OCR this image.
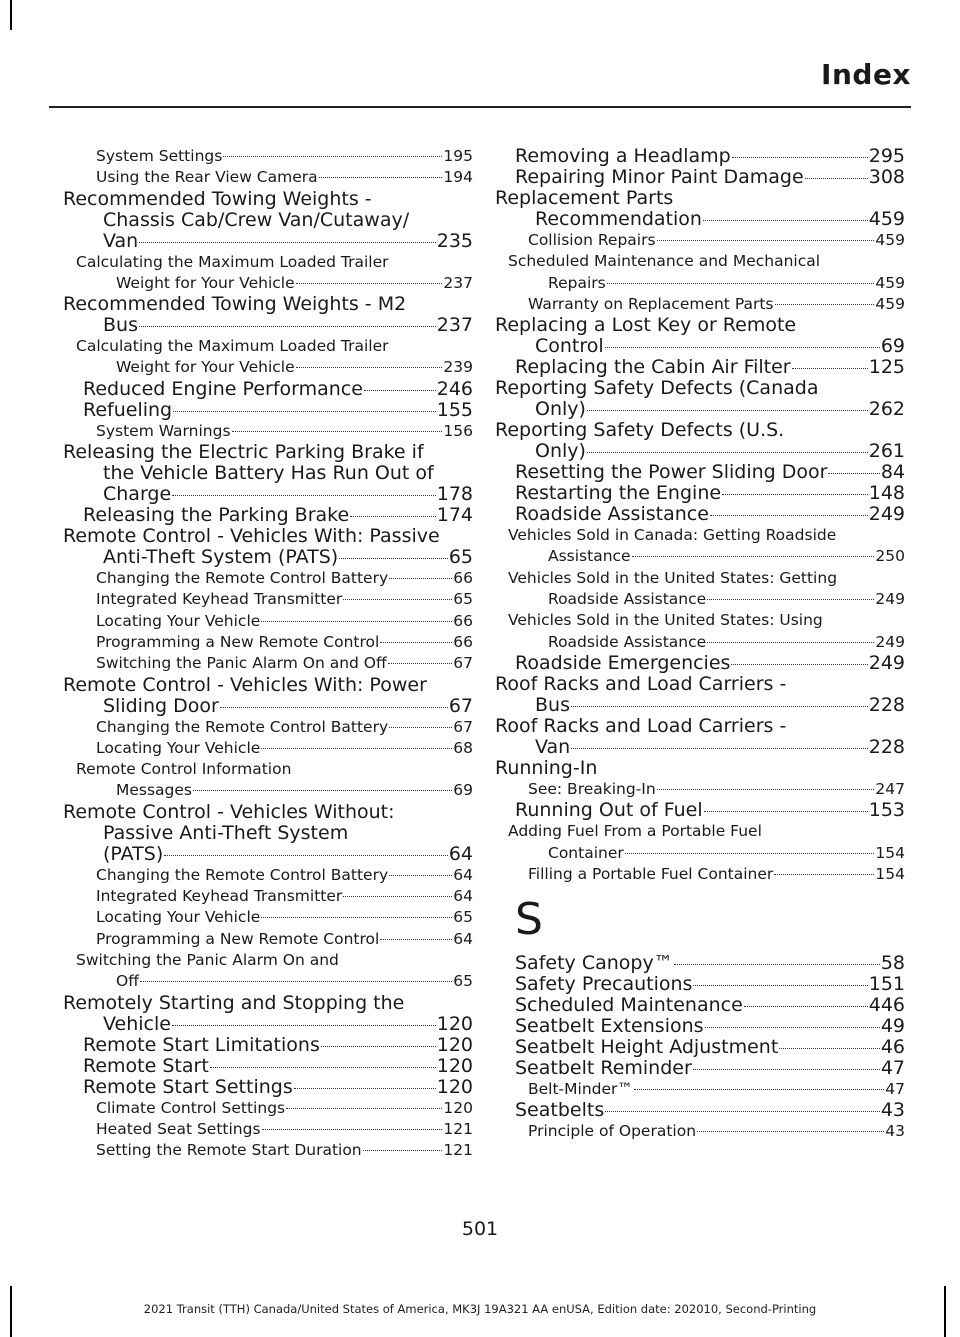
Index
System Settings	195
Using the Rear View Camera	194
Recommended Towing Weights -
Chassis Cab/Crew Van/Cutaway/
Van	235
Calculating the Maximum Loaded Trailer
Weight for Your Vehicle	237
Recommended Towing Weights - M2
Bus	237
Calculating the Maximum Loaded Trailer
Weight for Your Vehicle	239
Reduced Engine Performance	246
Refueling	155
System Warnings	156
Releasing the Electric Parking Brake if
the Vehicle Battery Has Run Out of
Charge	178
Releasing the Parking Brake	174
Remote Control - Vehicles With: Passive
Anti-Theft System (PATS)	65
Changing the Remote Control Battery	66
Integrated Keyhead Transmitter	65
Locating Your Vehicle	66
Programming a New Remote Control	66
Switching the Panic Alarm On and Off	67
Remote Control - Vehicles With: Power
Sliding Door	67
Changing the Remote Control Battery	67
Locating Your Vehicle	68
Remote Control Information
Messages	69
Remote Control - Vehicles Without:
Passive Anti-Theft System
(PATS)	64
Changing the Remote Control Battery	64
Integrated Keyhead Transmitter	64
Locating Your Vehicle	65
Programming a New Remote Control	64
Switching the Panic Alarm On and
Off	65
Remotely Starting and Stopping the
Vehicle	120
Remote Start Limitations	120
Remote Start	120
Remote Start Settings	120
Climate Control Settings	120
Heated Seat Settings	121
Setting the Remote Start Duration	121
Removing a Headlamp	295
Repairing Minor Paint Damage	308
Replacement Parts
Recommendation	459
Collision Repairs	459
Scheduled Maintenance and Mechanical
Repairs	459
Warranty on Replacement Parts	459
Replacing a Lost Key or Remote
Control	69
Replacing the Cabin Air Filter	125
Reporting Safety Defects (Canada
Only)	262
Reporting Safety Defects (U.S.
Only)	261
Resetting the Power Sliding Door	84
Restarting the Engine	148
Roadside Assistance	249
Vehicles Sold in Canada: Getting Roadside
Assistance	250
Vehicles Sold in the United States: Getting
Roadside Assistance	249
Vehicles Sold in the United States: Using
Roadside Assistance	249
Roadside Emergencies	249
Roof Racks and Load Carriers -
Bus	228
Roof Racks and Load Carriers -
Van	228
Running-In
See: Breaking-In	247
Running Out of Fuel	153
Adding Fuel From a Portable Fuel
Container	154
Filling a Portable Fuel Container	154
S
Safety Canopy™	58
Safety Precautions	151
Scheduled Maintenance	446
Seatbelt Extensions	49
Seatbelt Height Adjustment	46
Seatbelt Reminder	47
Belt-Minder™	47
Seatbelts	43
Principle of Operation	43
501
2021 Transit (TTH) Canada/United States of America, MK3J 19A321 AA enUSA, Edition date: 202010, Second-Printing
